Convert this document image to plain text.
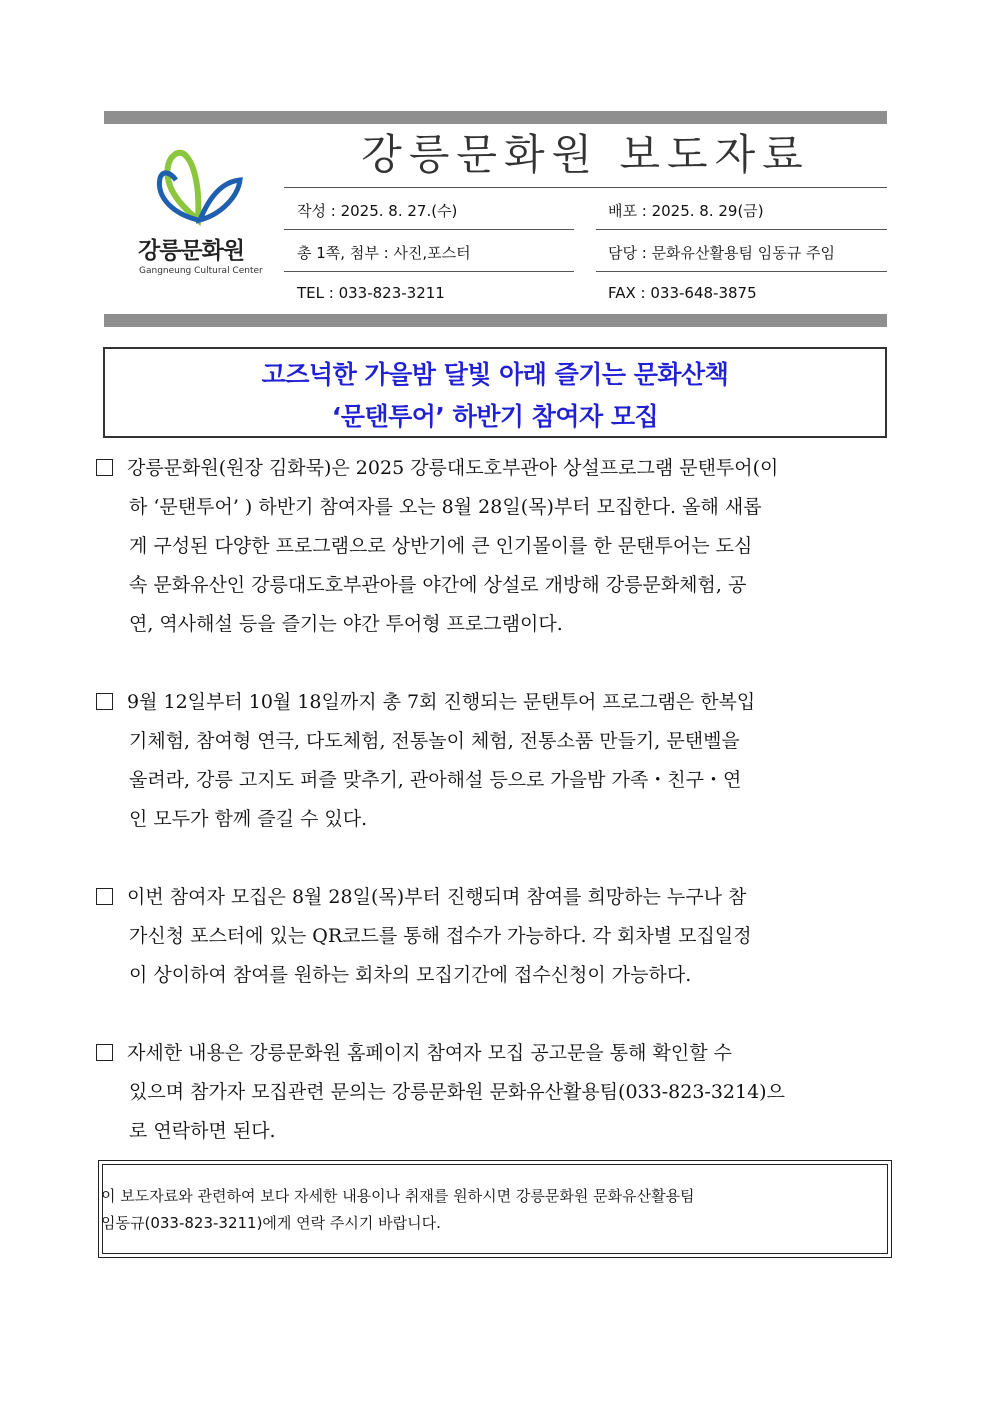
강릉문화원
Gangneung Cultural Center
강릉문화원 보도자료
작성 : 2025. 8. 27.(수)	배포 : 2025. 8. 29(금)
총 1쪽, 첨부 : 사진,포스터	담당 : 문화유산활용팀 임동규 주임
TEL : 033-823-3211	FAX : 033-648-3875
고즈넉한 가을밤 달빛 아래 즐기는 문화산책
‘문탠투어’ 하반기 참여자 모집
강릉문화원(원장 김화묵)은 2025 강릉대도호부관아 상설프로그램 문탠투어(이
하 ‘문탠투어’ ) 하반기 참여자를 오는 8월 28일(목)부터 모집한다. 올해 새롭
게 구성된 다양한 프로그램으로 상반기에 큰 인기몰이를 한 문탠투어는 도심
속 문화유산인 강릉대도호부관아를 야간에 상설로 개방해 강릉문화체험, 공
연, 역사해설 등을 즐기는 야간 투어형 프로그램이다.
9월 12일부터 10월 18일까지 총 7회 진행되는 문탠투어 프로그램은 한복입
기체험, 참여형 연극, 다도체험, 전통놀이 체험, 전통소품 만들기, 문탠벨을
울려라, 강릉 고지도 퍼즐 맞추기, 관아해설 등으로 가을밤 가족・친구・연
인 모두가 함께 즐길 수 있다.
이번 참여자 모집은 8월 28일(목)부터 진행되며 참여를 희망하는 누구나 참
가신청 포스터에 있는 QR코드를 통해 접수가 가능하다. 각 회차별 모집일정
이 상이하여 참여를 원하는 회차의 모집기간에 접수신청이 가능하다.
자세한 내용은 강릉문화원 홈페이지 참여자 모집 공고문을 통해 확인할 수
있으며 참가자 모집관련 문의는 강릉문화원 문화유산활용팀(033-823-3214)으
로 연락하면 된다.
이 보도자료와 관련하여 보다 자세한 내용이나 취재를 원하시면 강릉문화원 문화유산활용팀
임동규(033-823-3211)에게 연락 주시기 바랍니다.
